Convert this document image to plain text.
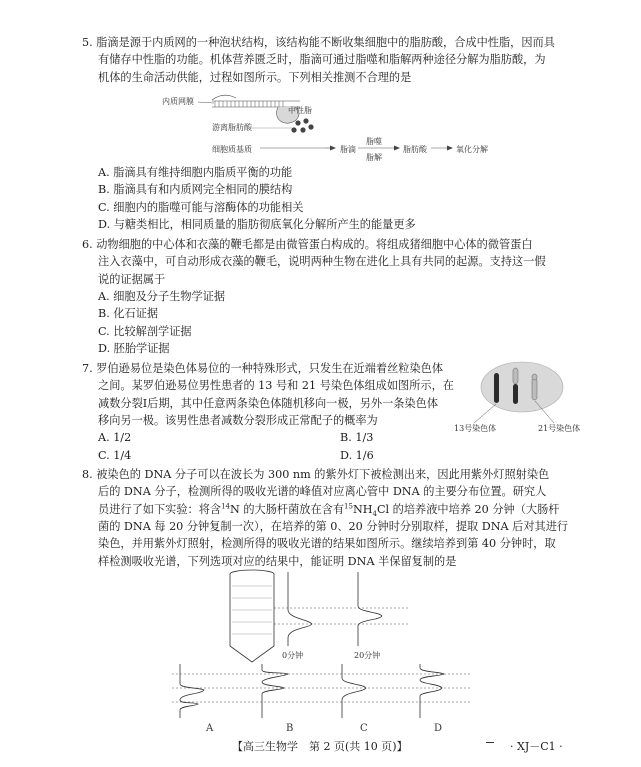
5. 脂滴是源于内质网的一种泡状结构，该结构能不断收集细胞中的脂肪酸，合成中性脂，因而具

有储存中性脂的功能。机体营养匮乏时，脂滴可通过脂噬和脂解两种途径分解为脂肪酸，为

机体的生命活动供能，过程如图所示。下列相关推测不合理的是

内质网膜
中性脂
游离脂肪酸
细胞质基质	脂滴
脂噬
脂解
脂肪酸	氧化分解

A. 脂滴具有维持细胞内脂质平衡的功能

B. 脂滴具有和内质网完全相同的膜结构

C. 细胞内的脂噬可能与溶酶体的功能相关

D. 与糖类相比，相同质量的脂肪彻底氧化分解所产生的能量更多

6. 动物细胞的中心体和衣藻的鞭毛都是由微管蛋白构成的。将组成猪细胞中心体的微管蛋白

注入衣藻中，可自动形成衣藻的鞭毛，说明两种生物在进化上具有共同的起源。支持这一假

说的证据属于

A. 细胞及分子生物学证据

B. 化石证据

C. 比较解剖学证据

D. 胚胎学证据

7. 罗伯逊易位是染色体易位的一种特殊形式，只发生在近端着丝粒染色体

之间。某罗伯逊易位男性患者的 13 号和 21 号染色体组成如图所示，在

减数分裂Ⅰ后期，其中任意两条染色体随机移向一极，另外一条染色体

移向另一极。该男性患者减数分裂形成正常配子的概率为

A. 1/2	B. 1/3
C. 1/4	D. 1/6
13号染色体	21号染色体

8. 被染色的 DNA 分子可以在波长为 300 nm 的紫外灯下被检测出来，因此用紫外灯照射染色

后的 DNA 分子，检测所得的吸收光谱的峰值对应离心管中 DNA 的主要分布位置。研究人

员进行了如下实验：将含$^{14}$N 的大肠杆菌放在含有$^{15}NH_4Cl$ 的培养液中培养 20 分钟（大肠杆

菌的 DNA 每 20 分钟复制一次），在培养的第 0、20 分钟时分别取样，提取 DNA 后对其进行

染色，并用紫外灯照射，检测所得的吸收光谱的结果如图所示。继续培养到第 40 分钟时，取

样检测吸收光谱，下列选项对应的结果中，能证明 DNA 半保留复制的是

0分钟	20分钟
A	B	C	D
【高三生物学　第 2 页(共 10 页)】	· XJ－C1 ·
